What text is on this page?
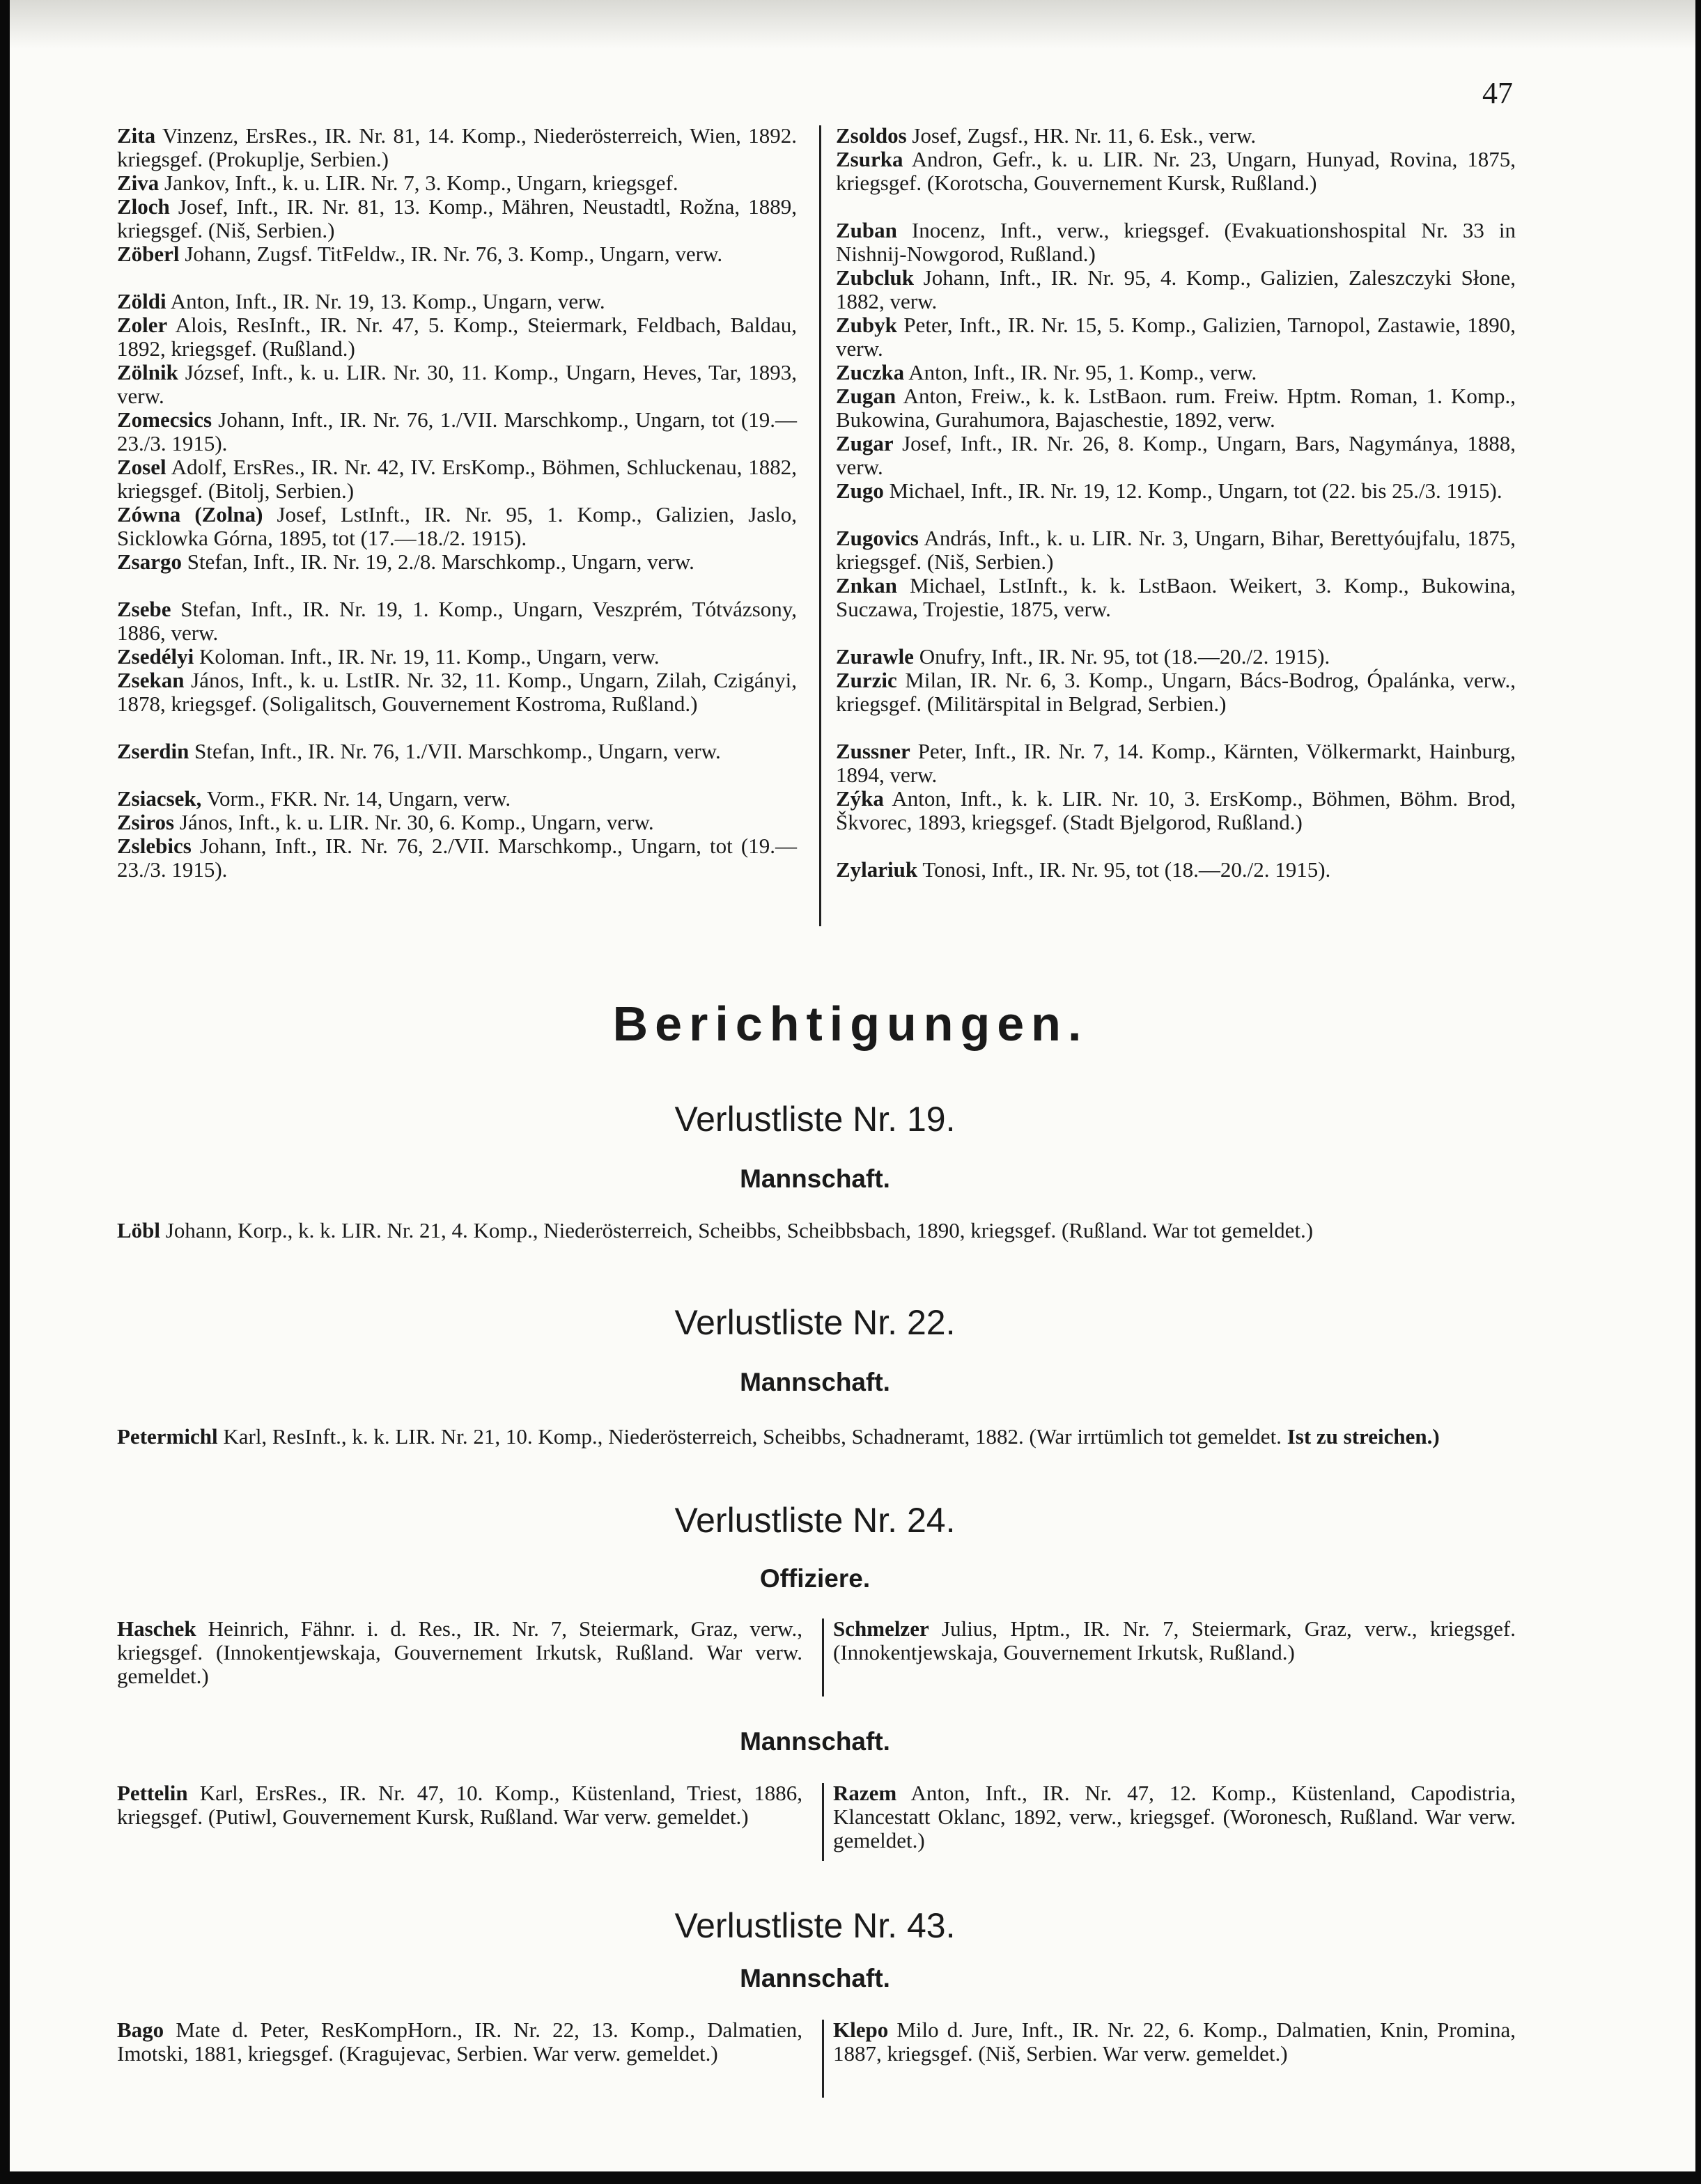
47
Zita Vinzenz, ErsRes., IR. Nr. 81, 14. Komp., Niederösterreich, Wien, 1892. kriegsgef. (Prokuplje, Serbien.)
Ziva Jankov, Inft., k. u. LIR. Nr. 7, 3. Komp., Ungarn, kriegsgef.
Zloch Josef, Inft., IR. Nr. 81, 13. Komp., Mähren, Neustadtl, Rožna, 1889, kriegsgef. (Niš, Serbien.)
Zöberl Johann, Zugsf. TitFeldw., IR. Nr. 76, 3. Komp., Ungarn, verw.
Zöldi Anton, Inft., IR. Nr. 19, 13. Komp., Ungarn, verw.
Zoler Alois, ResInft., IR. Nr. 47, 5. Komp., Steiermark, Feldbach, Baldau, 1892, kriegsgef. (Rußland.)
Zölnik József, Inft., k. u. LIR. Nr. 30, 11. Komp., Ungarn, Heves, Tar, 1893, verw.
Zomecsics Johann, Inft., IR. Nr. 76, 1./VII. Marschkomp., Ungarn, tot (19.—23./3. 1915).
Zosel Adolf, ErsRes., IR. Nr. 42, IV. ErsKomp., Böhmen, Schluckenau, 1882, kriegsgef. (Bitolj, Serbien.)
Zówna (Zolna) Josef, LstInft., IR. Nr. 95, 1. Komp., Galizien, Jaslo, Sicklowka Górna, 1895, tot (17.—18./2. 1915).
Zsargo Stefan, Inft., IR. Nr. 19, 2./8. Marschkomp., Ungarn, verw.
Zsebe Stefan, Inft., IR. Nr. 19, 1. Komp., Ungarn, Veszprém, Tótvázsony, 1886, verw.
Zsedélyi Koloman. Inft., IR. Nr. 19, 11. Komp., Ungarn, verw.
Zsekan János, Inft., k. u. LstIR. Nr. 32, 11. Komp., Ungarn, Zilah, Czigányi, 1878, kriegsgef. (Soligalitsch, Gouvernement Kostroma, Rußland.)
Zserdin Stefan, Inft., IR. Nr. 76, 1./VII. Marschkomp., Ungarn, verw.
Zsiacsek, Vorm., FKR. Nr. 14, Ungarn, verw.
Zsiros János, Inft., k. u. LIR. Nr. 30, 6. Komp., Ungarn, verw.
Zslebics Johann, Inft., IR. Nr. 76, 2./VII. Marschkomp., Ungarn, tot (19.—23./3. 1915).
Zsoldos Josef, Zugsf., HR. Nr. 11, 6. Esk., verw.
Zsurka Andron, Gefr., k. u. LIR. Nr. 23, Ungarn, Hunyad, Rovina, 1875, kriegsgef. (Korotscha, Gouvernement Kursk, Rußland.)
Zuban Inocenz, Inft., verw., kriegsgef. (Evakuationshospital Nr. 33 in Nishnij-Nowgorod, Rußland.)
Zubcluk Johann, Inft., IR. Nr. 95, 4. Komp., Galizien, Zaleszczyki Słone, 1882, verw.
Zubyk Peter, Inft., IR. Nr. 15, 5. Komp., Galizien, Tarnopol, Zastawie, 1890, verw.
Zuczka Anton, Inft., IR. Nr. 95, 1. Komp., verw.
Zugan Anton, Freiw., k. k. LstBaon. rum. Freiw. Hptm. Roman, 1. Komp., Bukowina, Gurahumora, Bajaschestie, 1892, verw.
Zugar Josef, Inft., IR. Nr. 26, 8. Komp., Ungarn, Bars, Nagymánya, 1888, verw.
Zugo Michael, Inft., IR. Nr. 19, 12. Komp., Ungarn, tot (22. bis 25./3. 1915).
Zugovics András, Inft., k. u. LIR. Nr. 3, Ungarn, Bihar, Berettyóujfalu, 1875, kriegsgef. (Niš, Serbien.)
Znkan Michael, LstInft., k. k. LstBaon. Weikert, 3. Komp., Bukowina, Suczawa, Trojestie, 1875, verw.
Zurawle Onufry, Inft., IR. Nr. 95, tot (18.—20./2. 1915).
Zurzic Milan, IR. Nr. 6, 3. Komp., Ungarn, Bács-Bodrog, Ópalánka, verw., kriegsgef. (Militärspital in Belgrad, Serbien.)
Zussner Peter, Inft., IR. Nr. 7, 14. Komp., Kärnten, Völkermarkt, Hainburg, 1894, verw.
Zýka Anton, Inft., k. k. LIR. Nr. 10, 3. ErsKomp., Böhmen, Böhm. Brod, Škvorec, 1893, kriegsgef. (Stadt Bjelgorod, Rußland.)
Zylariuk Tonosi, Inft., IR. Nr. 95, tot (18.—20./2. 1915).
Berichtigungen.
Verlustliste Nr. 19.
Mannschaft.
Löbl Johann, Korp., k. k. LIR. Nr. 21, 4. Komp., Niederösterreich, Scheibbs, Scheibbsbach, 1890, kriegsgef. (Rußland. War tot gemeldet.)
Verlustliste Nr. 22.
Mannschaft.
Petermichl Karl, ResInft., k. k. LIR. Nr. 21, 10. Komp., Niederösterreich, Scheibbs, Schadneramt, 1882. (War irrtümlich tot gemeldet. Ist zu streichen.)
Verlustliste Nr. 24.
Offiziere.
Haschek Heinrich, Fähnr. i. d. Res., IR. Nr. 7, Steiermark, Graz, verw., kriegsgef. (Innokentjewskaja, Gouvernement Irkutsk, Rußland. War verw. gemeldet.)
Schmelzer Julius, Hptm., IR. Nr. 7, Steiermark, Graz, verw., kriegsgef. (Innokentjewskaja, Gouvernement Irkutsk, Rußland.)
Mannschaft.
Pettelin Karl, ErsRes., IR. Nr. 47, 10. Komp., Küstenland, Triest, 1886, kriegsgef. (Putiwl, Gouvernement Kursk, Rußland. War verw. gemeldet.)
Razem Anton, Inft., IR. Nr. 47, 12. Komp., Küstenland, Capodistria, Klancestatt Oklanc, 1892, verw., kriegsgef. (Woronesch, Rußland. War verw. gemeldet.)
Verlustliste Nr. 43.
Mannschaft.
Bago Mate d. Peter, ResKompHorn., IR. Nr. 22, 13. Komp., Dalmatien, Imotski, 1881, kriegsgef. (Kragujevac, Serbien. War verw. gemeldet.)
Klepo Milo d. Jure, Inft., IR. Nr. 22, 6. Komp., Dalmatien, Knin, Promina, 1887, kriegsgef. (Niš, Serbien. War verw. gemeldet.)
